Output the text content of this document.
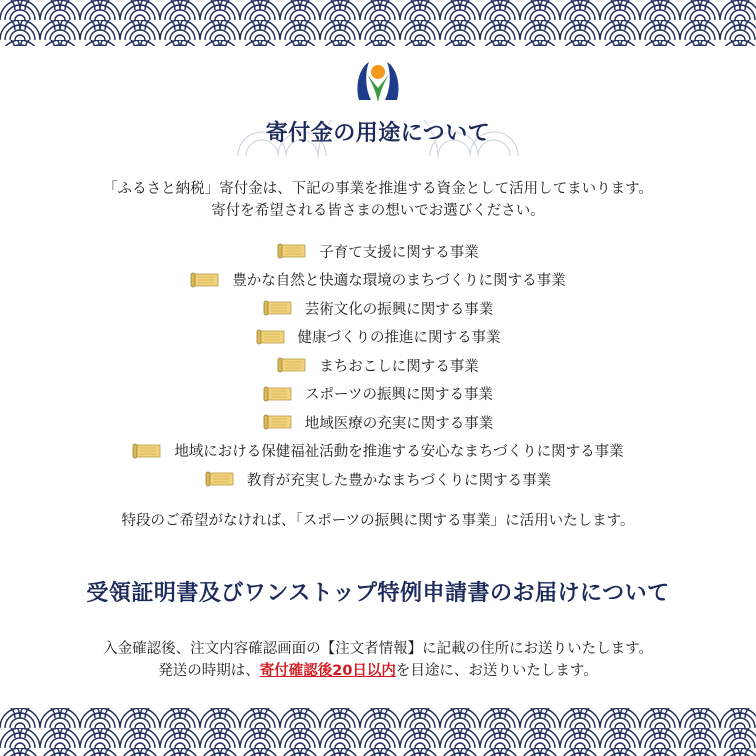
寄付金の用途について
「ふるさと納税」寄付金は、下記の事業を推進する資金として活用してまいります。
寄付を希望される皆さまの想いでお選びください。
子育て支援に関する事業
豊かな自然と快適な環境のまちづくりに関する事業
芸術文化の振興に関する事業
健康づくりの推進に関する事業
まちおこしに関する事業
スポーツの振興に関する事業
地域医療の充実に関する事業
地域における保健福祉活動を推進する安心なまちづくりに関する事業
教育が充実した豊かなまちづくりに関する事業
特段のご希望がなければ、「スポーツの振興に関する事業」に活用いたします。
受領証明書及びワンストップ特例申請書のお届けについて
入金確認後、注文内容確認画面の【注文者情報】に記載の住所にお送りいたします。
発送の時期は、寄付確認後20日以内を目途に、お送りいたします。
